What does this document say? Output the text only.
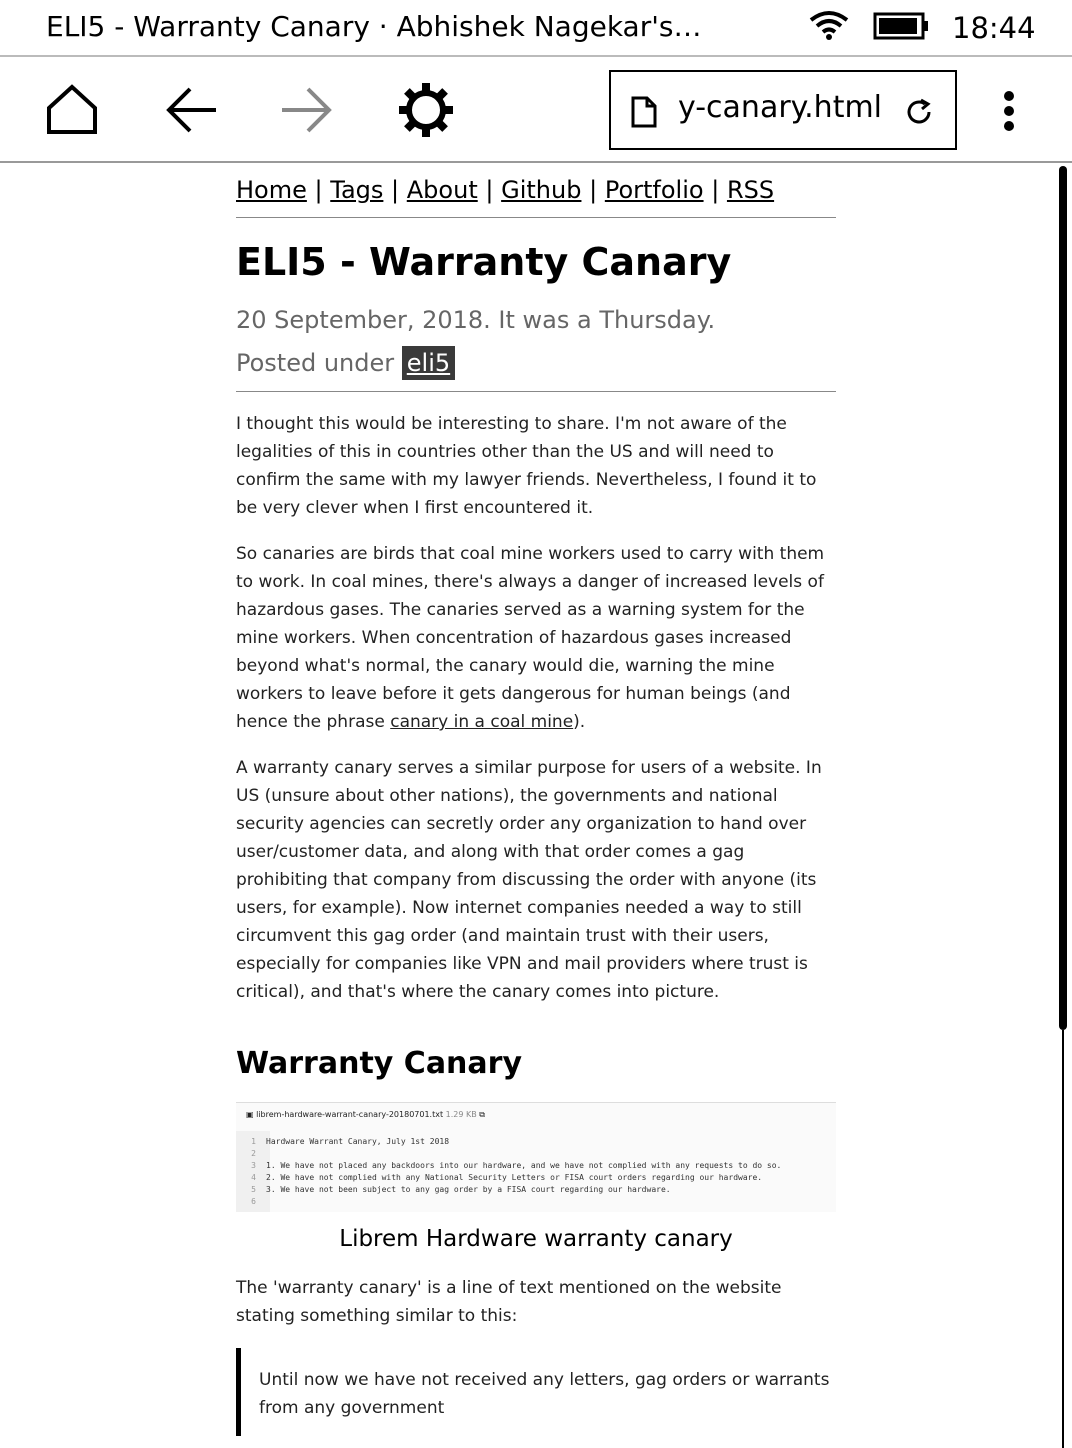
ELI5 - Warranty Canary · Abhishek Nagekar's…	18:44
y-canary.html
Home | Tags | About | Github | Portfolio | RSS
ELI5 - Warranty Canary
20 September, 2018. It was a Thursday.
Posted under eli5

I thought this would be interesting to share. I'm not aware of the legalities of this in countries other than the US and will need to confirm the same with my lawyer friends. Nevertheless, I found it to be very clever when I first encountered it.

So canaries are birds that coal mine workers used to carry with them to work. In coal mines, there's always a danger of increased levels of hazardous gases. The canaries served as a warning system for the mine workers. When concentration of hazardous gases increased beyond what's normal, the canary would die, warning the mine workers to leave before it gets dangerous for human beings (and hence the phrase canary in a coal mine).

A warranty canary serves a similar purpose for users of a website. In US (unsure about other nations), the governments and national security agencies can secretly order any organization to hand over user/customer data, and along with that order comes a gag prohibiting that company from discussing the order with anyone (its users, for example). Now internet companies needed a way to still circumvent this gag order (and maintain trust with their users, especially for companies like VPN and mail providers where trust is critical), and that's where the canary comes into picture.

Warranty Canary
▣ librem-hardware-warrant-canary-20180701.txt 1.29 KB ⧉
1 Hardware Warrant Canary, July 1st 2018
2
3 1. We have not placed any backdoors into our hardware, and we have not complied with any requests to do so.
4 2. We have not complied with any National Security Letters or FISA court orders regarding our hardware.
5 3. We have not been subject to any gag order by a FISA court regarding our hardware.
6
Librem Hardware warranty canary

The 'warranty canary' is a line of text mentioned on the website stating something similar to this:

Until now we have not received any letters, gag orders or warrants from any government
